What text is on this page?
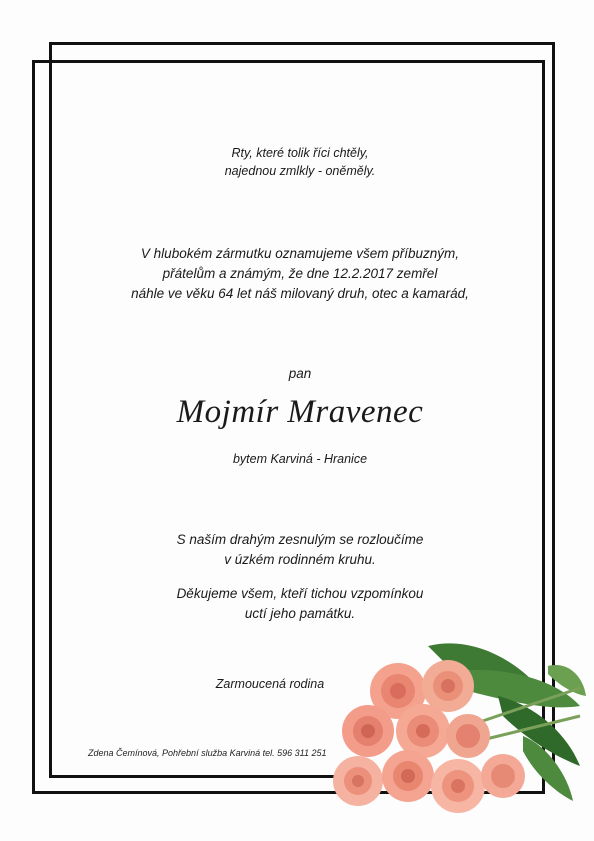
Rty, které tolik říci chtěly,
najednou zmlkly - oněměly.
V hlubokém zármutku oznamujeme všem příbuzným,
přátelům a známým, že dne 12.2.2017 zemřel
náhle ve věku 64 let náš milovaný druh, otec a kamarád,
pan
Mojmír Mravenec
bytem Karviná - Hranice
S naším drahým zesnulým se rozloučíme
v úzkém rodinném kruhu.
Děkujeme všem, kteří tichou vzpomínkou
uctí jeho památku.
Zarmoucená rodina
Zdena Čemínová, Pohřební služba Karviná tel. 596 311 251
